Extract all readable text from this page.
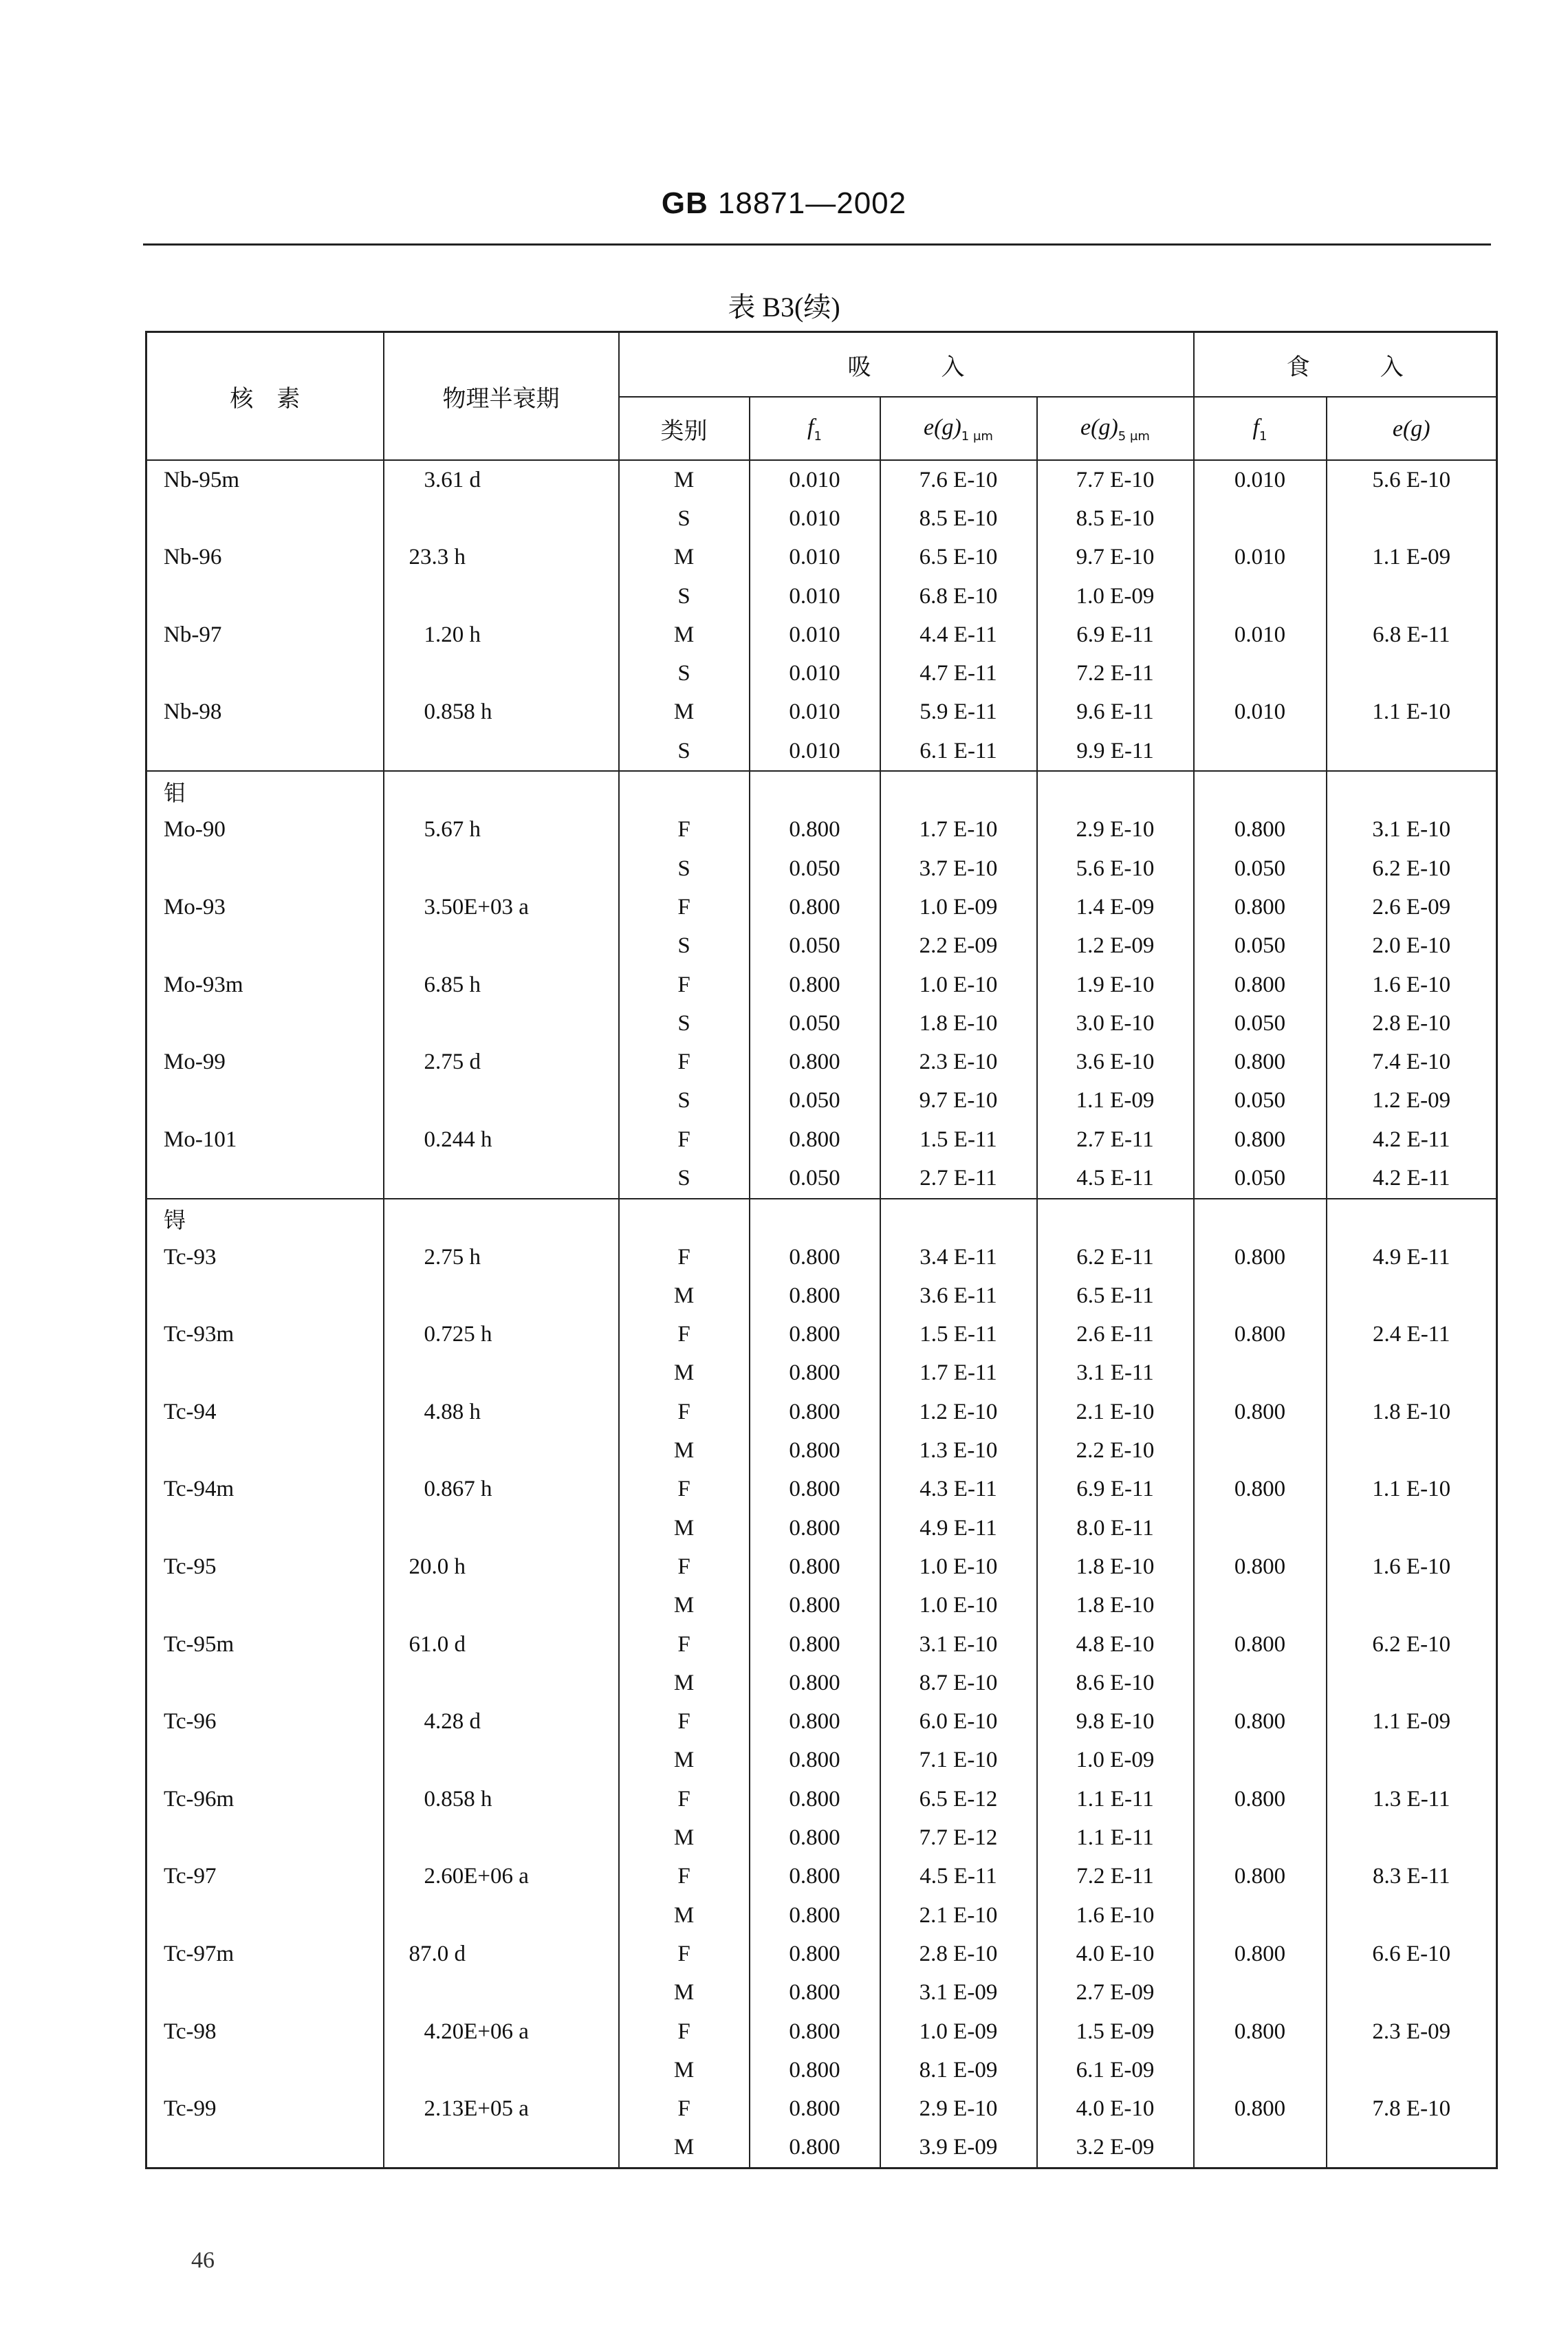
GB 18871—2002
表 B3(续)
核　素	物理半衰期	吸　　　入				食　　　入	
		类别	$f_1$	$e(g)_{1 \mu m}$	$e(g)_{5 \mu m}$	$f_1$	e(g)
Nb-95m	3.61 d	M	0.010	7.6 E-10	7.7 E-10	0.010	5.6 E-10
		S	0.010	8.5 E-10	8.5 E-10		
Nb-96	23.3 h	M	0.010	6.5 E-10	9.7 E-10	0.010	1.1 E-09
		S	0.010	6.8 E-10	1.0 E-09		
Nb-97	1.20 h	M	0.010	4.4 E-11	6.9 E-11	0.010	6.8 E-11
		S	0.010	4.7 E-11	7.2 E-11		
Nb-98	0.858 h	M	0.010	5.9 E-11	9.6 E-11	0.010	1.1 E-10
		S	0.010	6.1 E-11	9.9 E-11		
钼							
Mo-90	5.67 h	F	0.800	1.7 E-10	2.9 E-10	0.800	3.1 E-10
		S	0.050	3.7 E-10	5.6 E-10	0.050	6.2 E-10
Mo-93	3.50E+03 a	F	0.800	1.0 E-09	1.4 E-09	0.800	2.6 E-09
		S	0.050	2.2 E-09	1.2 E-09	0.050	2.0 E-10
Mo-93m	6.85 h	F	0.800	1.0 E-10	1.9 E-10	0.800	1.6 E-10
		S	0.050	1.8 E-10	3.0 E-10	0.050	2.8 E-10
Mo-99	2.75 d	F	0.800	2.3 E-10	3.6 E-10	0.800	7.4 E-10
		S	0.050	9.7 E-10	1.1 E-09	0.050	1.2 E-09
Mo-101	0.244 h	F	0.800	1.5 E-11	2.7 E-11	0.800	4.2 E-11
		S	0.050	2.7 E-11	4.5 E-11	0.050	4.2 E-11
锝							
Tc-93	2.75 h	F	0.800	3.4 E-11	6.2 E-11	0.800	4.9 E-11
		M	0.800	3.6 E-11	6.5 E-11		
Tc-93m	0.725 h	F	0.800	1.5 E-11	2.6 E-11	0.800	2.4 E-11
		M	0.800	1.7 E-11	3.1 E-11		
Tc-94	4.88 h	F	0.800	1.2 E-10	2.1 E-10	0.800	1.8 E-10
		M	0.800	1.3 E-10	2.2 E-10		
Tc-94m	0.867 h	F	0.800	4.3 E-11	6.9 E-11	0.800	1.1 E-10
		M	0.800	4.9 E-11	8.0 E-11		
Tc-95	20.0 h	F	0.800	1.0 E-10	1.8 E-10	0.800	1.6 E-10
		M	0.800	1.0 E-10	1.8 E-10		
Tc-95m	61.0 d	F	0.800	3.1 E-10	4.8 E-10	0.800	6.2 E-10
		M	0.800	8.7 E-10	8.6 E-10		
Tc-96	4.28 d	F	0.800	6.0 E-10	9.8 E-10	0.800	1.1 E-09
		M	0.800	7.1 E-10	1.0 E-09		
Tc-96m	0.858 h	F	0.800	6.5 E-12	1.1 E-11	0.800	1.3 E-11
		M	0.800	7.7 E-12	1.1 E-11		
Tc-97	2.60E+06 a	F	0.800	4.5 E-11	7.2 E-11	0.800	8.3 E-11
		M	0.800	2.1 E-10	1.6 E-10		
Tc-97m	87.0 d	F	0.800	2.8 E-10	4.0 E-10	0.800	6.6 E-10
		M	0.800	3.1 E-09	2.7 E-09		
Tc-98	4.20E+06 a	F	0.800	1.0 E-09	1.5 E-09	0.800	2.3 E-09
		M	0.800	8.1 E-09	6.1 E-09		
Tc-99	2.13E+05 a	F	0.800	2.9 E-10	4.0 E-10	0.800	7.8 E-10
		M	0.800	3.9 E-09	3.2 E-09		
46
